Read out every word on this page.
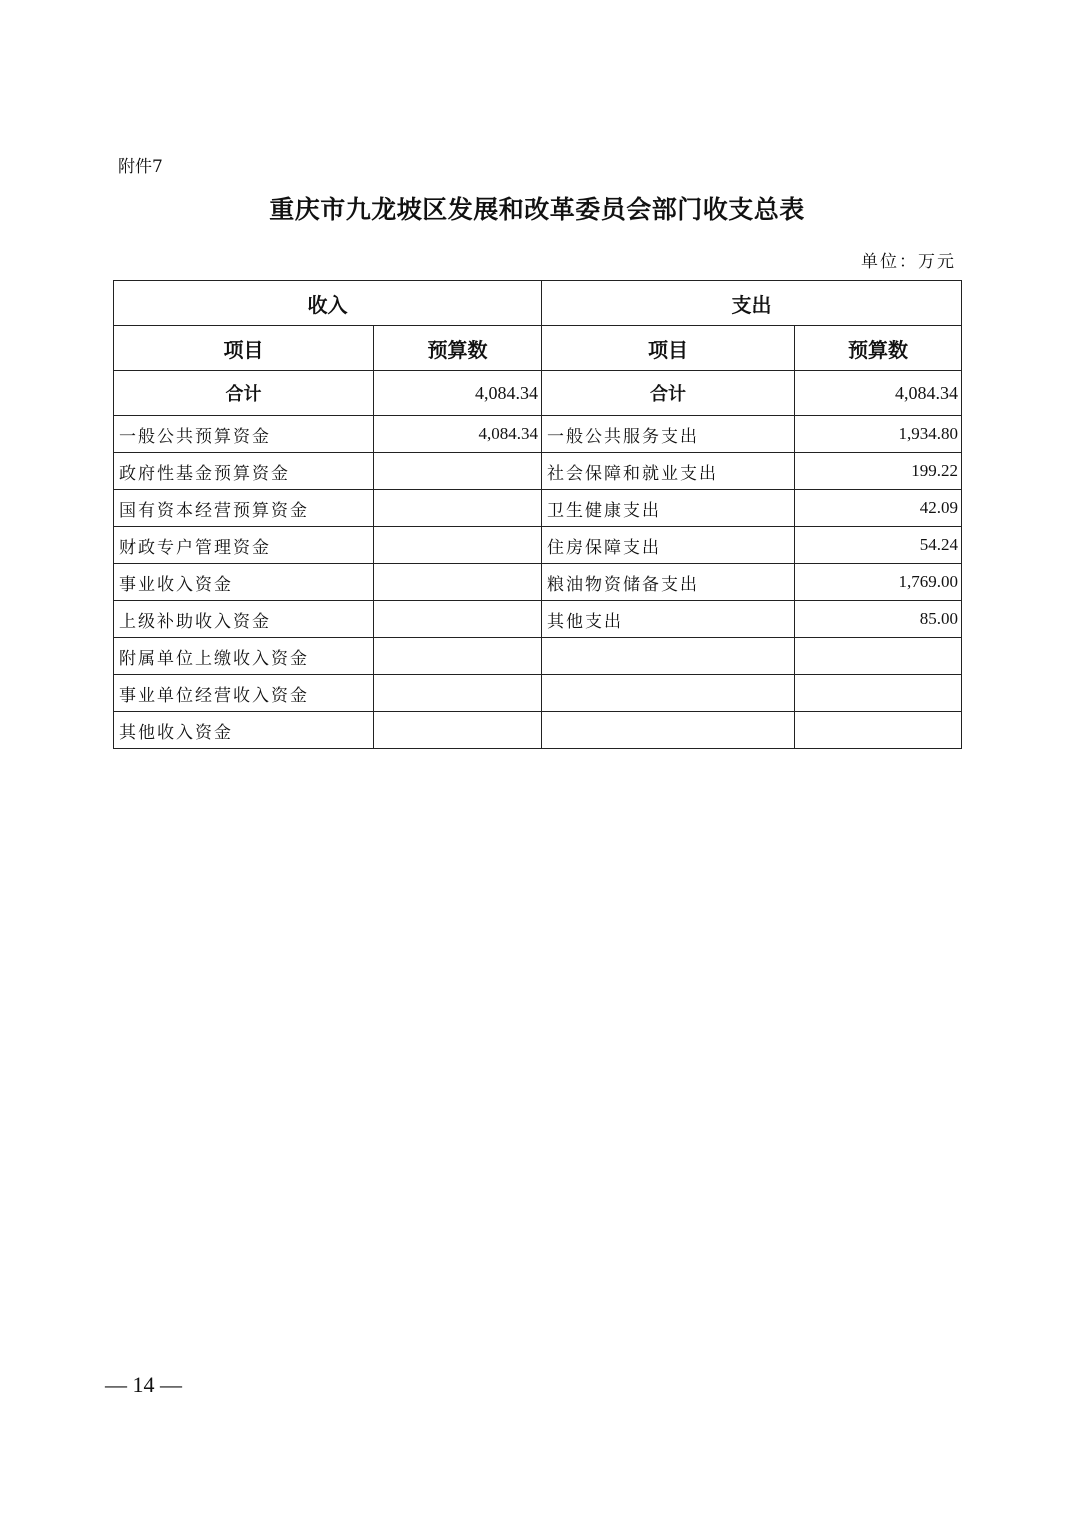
附件7
重庆市九龙坡区发展和改革委员会部门收支总表
单位：万元
收入		支出	
项目	预算数	项目	预算数
合计	4,084.34	合计	4,084.34
一般公共预算资金	4,084.34	一般公共服务支出	1,934.80
政府性基金预算资金		社会保障和就业支出	199.22
国有资本经营预算资金		卫生健康支出	42.09
财政专户管理资金		住房保障支出	54.24
事业收入资金		粮油物资储备支出	1,769.00
上级补助收入资金		其他支出	85.00
附属单位上缴收入资金			
事业单位经营收入资金			
其他收入资金			
— 14 —
